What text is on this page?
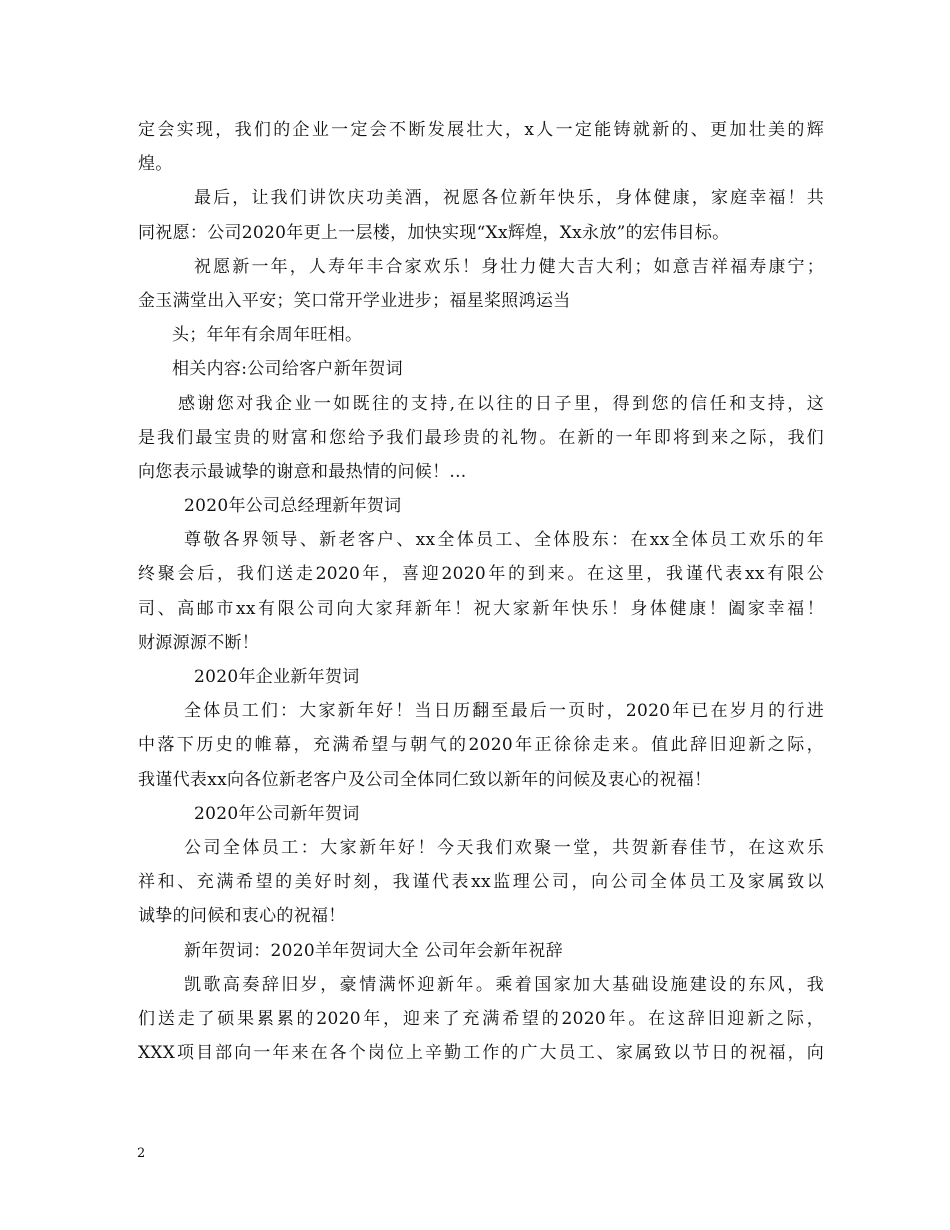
定会实现，我们的企业一定会不断发展壮大，x人一定能铸就新的、更加壮美的辉
煌。
最后，让我们讲饮庆功美酒，祝愿各位新年快乐，身体健康，家庭幸福！共
同祝愿：公司2020年更上一层楼，加快实现“Xx辉煌，Xx永放”的宏伟目标。
祝愿新一年，人寿年丰合家欢乐！身壮力健大吉大利；如意吉祥福寿康宁；
金玉满堂出入平安；笑口常开学业进步；福星桨照鸿运当
头；年年有余周年旺相。
相关内容:公司给客户新年贺词
感谢您对我企业一如既往的支持,在以往的日子里，得到您的信任和支持，这
是我们最宝贵的财富和您给予我们最珍贵的礼物。在新的一年即将到来之际，我们
向您表示最诚挚的谢意和最热情的问候！...
2020年公司总经理新年贺词
尊敬各界领导、新老客户、xx全体员工、全体股东：在xx全体员工欢乐的年
终聚会后，我们送走2020年，喜迎2020年的到来。在这里，我谨代表xx有限公
司、高邮市xx有限公司向大家拜新年！祝大家新年快乐！身体健康！阖家幸福！
财源源源不断！
2020年企业新年贺词
全体员工们：大家新年好！当日历翻至最后一页时，2020年已在岁月的行进
中落下历史的帷幕，充满希望与朝气的2020年正徐徐走来。值此辞旧迎新之际，
我谨代表xx向各位新老客户及公司全体同仁致以新年的问候及衷心的祝福！
2020年公司新年贺词
公司全体员工：大家新年好！今天我们欢聚一堂，共贺新春佳节，在这欢乐
祥和、充满希望的美好时刻，我谨代表xx监理公司，向公司全体员工及家属致以
诚挚的问候和衷心的祝福！
新年贺词：2020羊年贺词大全 公司年会新年祝辞
凯歌高奏辞旧岁，豪情满怀迎新年。乘着国家加大基础设施建设的东风，我
们送走了硕果累累的2020年，迎来了充满希望的2020年。在这辞旧迎新之际，
XXX项目部向一年来在各个岗位上辛勤工作的广大员工、家属致以节日的祝福，向
2
